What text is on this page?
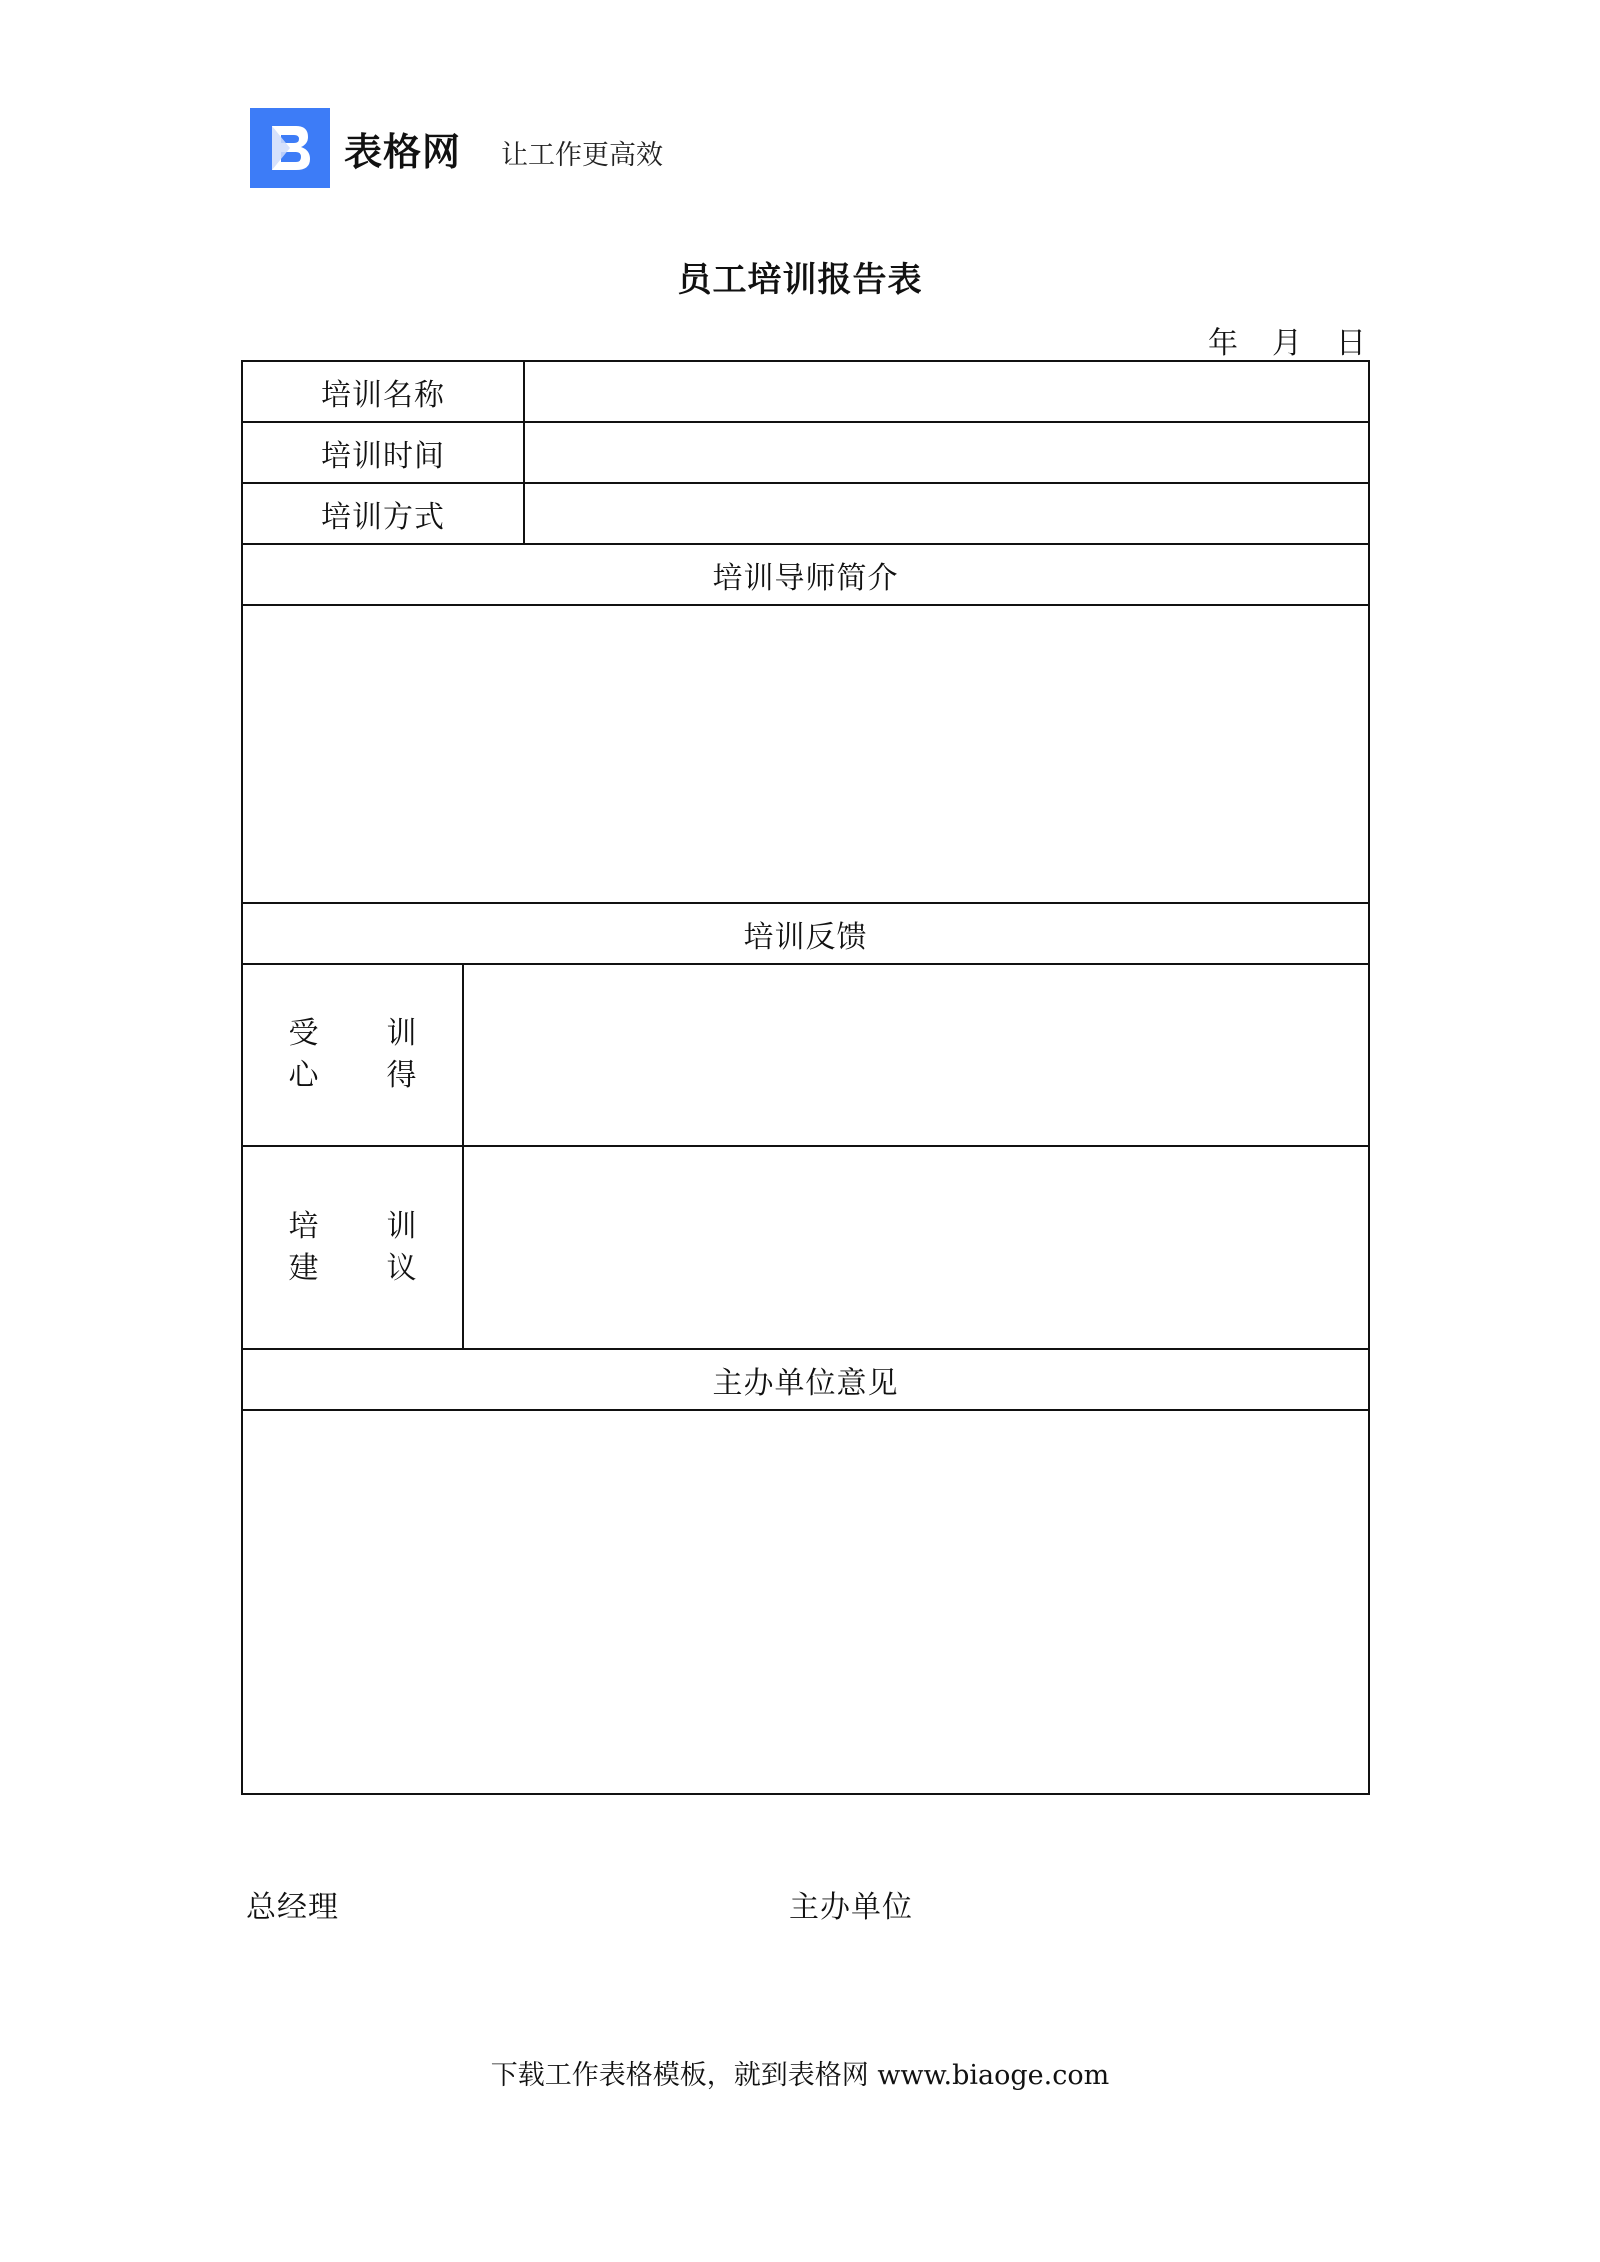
表格网 让工作更高效
员工培训报告表
年 月 日
培训名称
培训时间
培训方式
培训导师简介
培训反馈
受 训
心 得
培 训
建 议
主办单位意见
总经理	主办单位
下载工作表格模板，就到表格网 www.biaoge.com
